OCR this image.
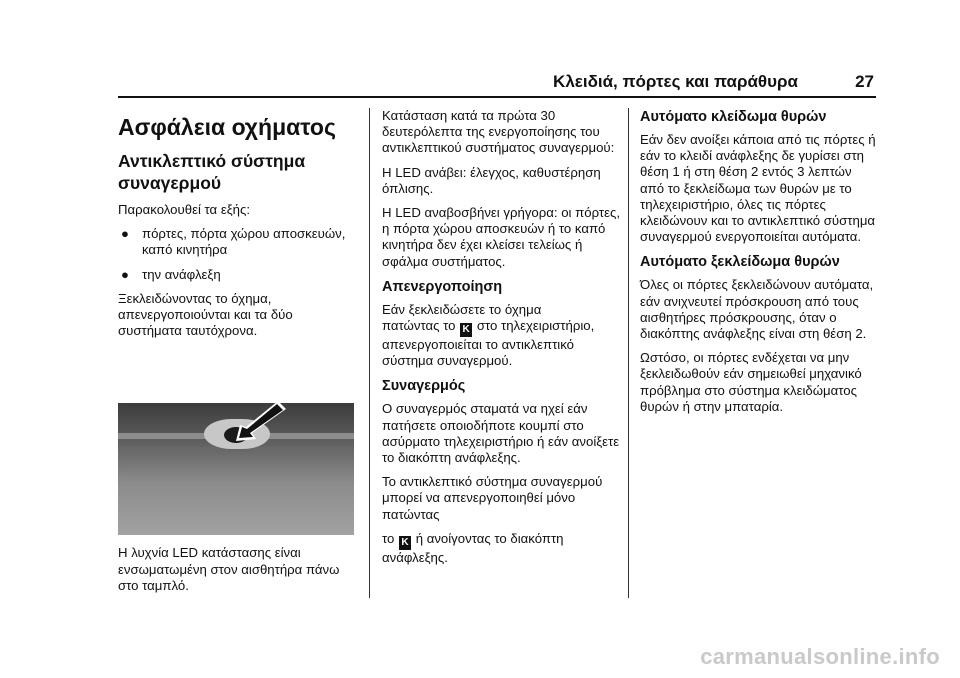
Κλειδιά, πόρτες και παράθυρα	27
Ασφάλεια οχήματος
Αντικλεπτικό σύστημα συναγερμού

Παρακολουθεί τα εξής:

● πόρτες, πόρτα χώρου αποσκευών, καπό κινητήρα
● την ανάφλεξη

Ξεκλειδώνοντας το όχημα, απενεργοποιούνται και τα δύο συστήματα ταυτόχρονα.

Η λυχνία LED κατάστασης είναι ενσωματωμένη στον αισθητήρα πάνω στο ταμπλό.

Κατάσταση κατά τα πρώτα 30 δευτερόλεπτα της ενεργοποίησης του αντικλεπτικού συστήματος συναγερμού:

Η LED ανάβει: έλεγχος, καθυστέρηση όπλισης.

Η LED αναβοσβήνει γρήγορα: οι πόρτες, η πόρτα χώρου αποσκευών ή το καπό κινητήρα δεν έχει κλείσει τελείως ή σφάλμα συστήματος.

Απενεργοποίηση

Εάν ξεκλειδώσετε το όχημα
πατώντας το K στο τηλεχειριστήριο,
απενεργοποιείται το αντικλεπτικό σύστημα συναγερμού.

Συναγερμός

Ο συναγερμός σταματά να ηχεί εάν πατήσετε οποιοδήποτε κουμπί στο ασύρματο τηλεχειριστήριο ή εάν ανοίξετε το διακόπτη ανάφλεξης.

Το αντικλεπτικό σύστημα συναγερμού μπορεί να απενεργοποιηθεί μόνο πατώντας

το K ή ανοίγοντας το διακόπτη ανάφλεξης.

Αυτόματο κλείδωμα θυρών

Εάν δεν ανοίξει κάποια από τις πόρτες ή εάν το κλειδί ανάφλεξης δε γυρίσει στη θέση 1 ή στη θέση 2 εντός 3 λεπτών από το ξεκλείδωμα των θυρών με το τηλεχειριστήριο, όλες τις πόρτες κλειδώνουν και το αντικλεπτικό σύστημα συναγερμού ενεργοποιείται αυτόματα.

Αυτόματο ξεκλείδωμα θυρών

Όλες οι πόρτες ξεκλειδώνουν αυτόματα, εάν ανιχνευτεί πρόσκρουση από τους αισθητήρες πρόσκρουσης, όταν ο διακόπτης ανάφλεξης είναι στη θέση 2.

Ωστόσο, οι πόρτες ενδέχεται να μην ξεκλειδωθούν εάν σημειωθεί μηχανικό πρόβλημα στο σύστημα κλειδώματος θυρών ή στην μπαταρία.

carmanualsonline.info
